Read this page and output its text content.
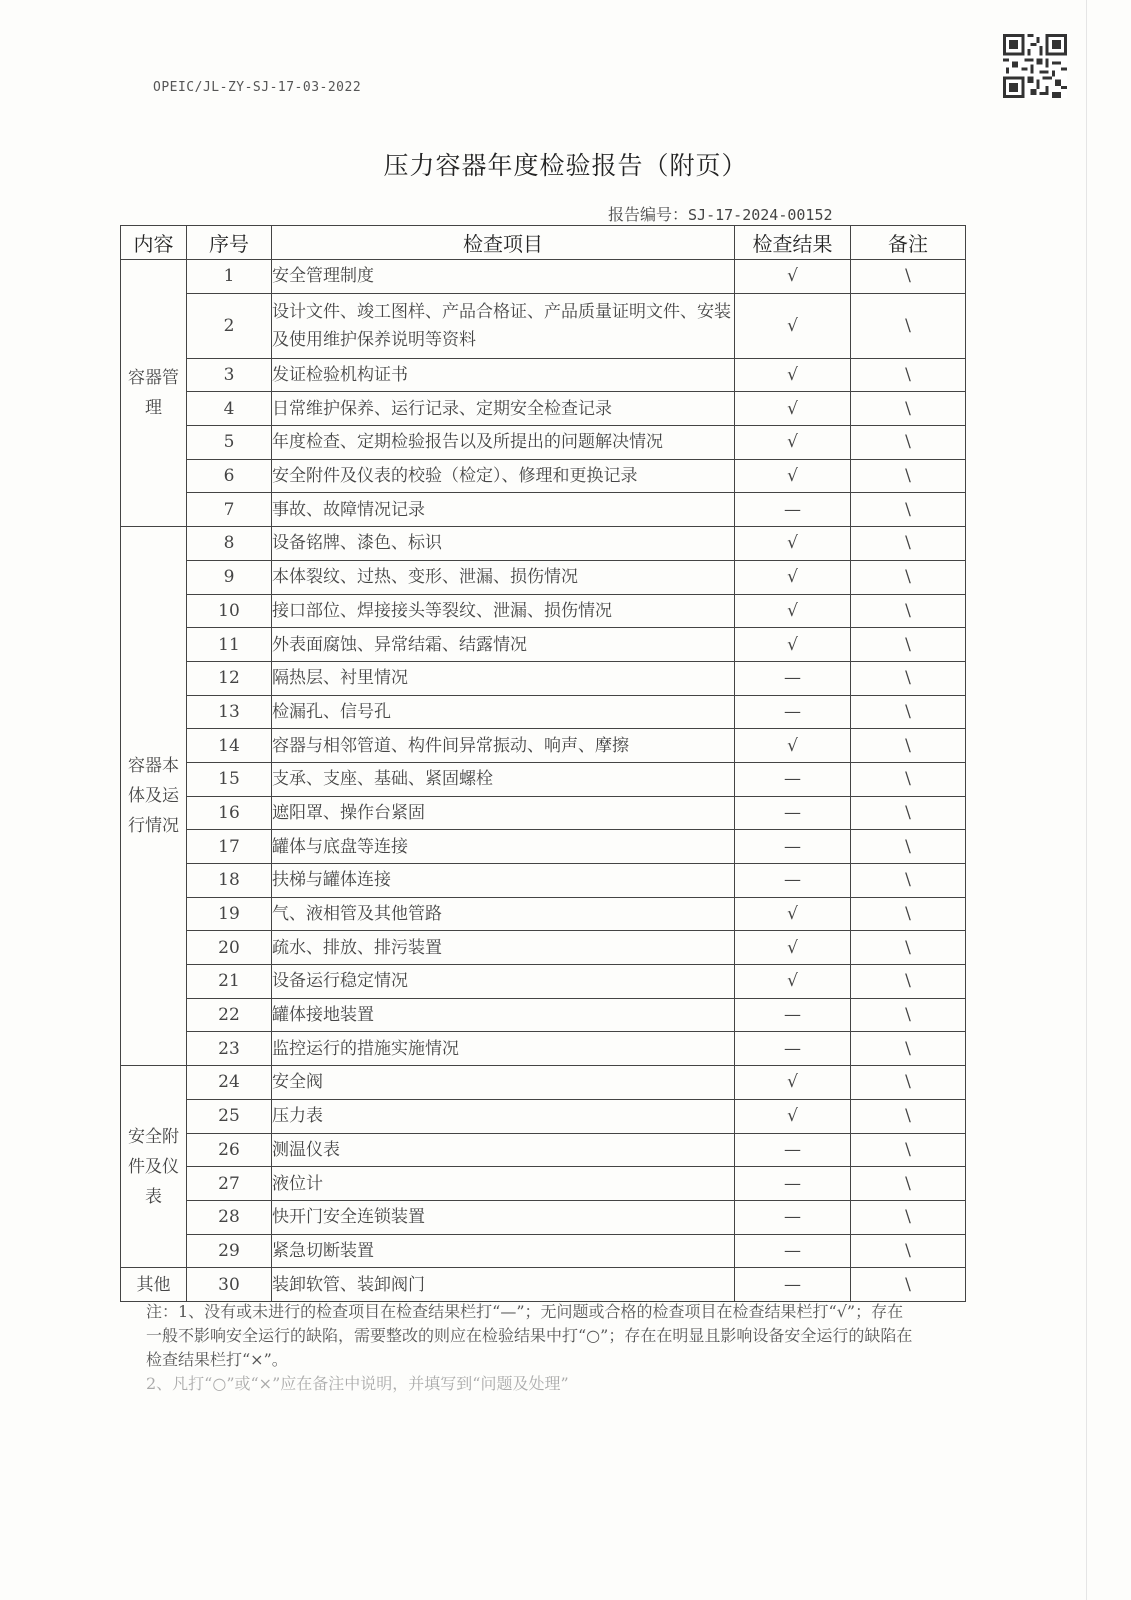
OPEIC/JL-ZY-SJ-17-03-2022
压力容器年度检验报告（附页）
报告编号：SJ-17-2024-00152
内容	序号	检查项目	检查结果	备注
容器管理	1	安全管理制度	√	\
	2	设计文件、竣工图样、产品合格证、产品质量证明文件、安装及使用维护保养说明等资料	√	\
	3	发证检验机构证书	√	\
	4	日常维护保养、运行记录、定期安全检查记录	√	\
	5	年度检查、定期检验报告以及所提出的问题解决情况	√	\
	6	安全附件及仪表的校验（检定）、修理和更换记录	√	\
	7	事故、故障情况记录	—	\
容器本体及运行情况	8	设备铭牌、漆色、标识	√	\
	9	本体裂纹、过热、变形、泄漏、损伤情况	√	\
	10	接口部位、焊接接头等裂纹、泄漏、损伤情况	√	\
	11	外表面腐蚀、异常结霜、结露情况	√	\
	12	隔热层、衬里情况	—	\
	13	检漏孔、信号孔	—	\
	14	容器与相邻管道、构件间异常振动、响声、摩擦	√	\
	15	支承、支座、基础、紧固螺栓	—	\
	16	遮阳罩、操作台紧固	—	\
	17	罐体与底盘等连接	—	\
	18	扶梯与罐体连接	—	\
	19	气、液相管及其他管路	√	\
	20	疏水、排放、排污装置	√	\
	21	设备运行稳定情况	√	\
	22	罐体接地装置	—	\
	23	监控运行的措施实施情况	—	\
安全附件及仪表	24	安全阀	√	\
	25	压力表	√	\
	26	测温仪表	—	\
	27	液位计	—	\
	28	快开门安全连锁装置	—	\
	29	紧急切断装置	—	\
其他	30	装卸软管、装卸阀门	—	\

注：1、没有或未进行的检查项目在检查结果栏打“—”；无问题或合格的检查项目在检查结果栏打“√”；存在一般不影响安全运行的缺陷，需要整改的则应在检验结果中打“○”；存在在明显且影响设备安全运行的缺陷在检查结果栏打“×”。

2、凡打“○”或“×”应在备注中说明，并填写到“问题及处理”
